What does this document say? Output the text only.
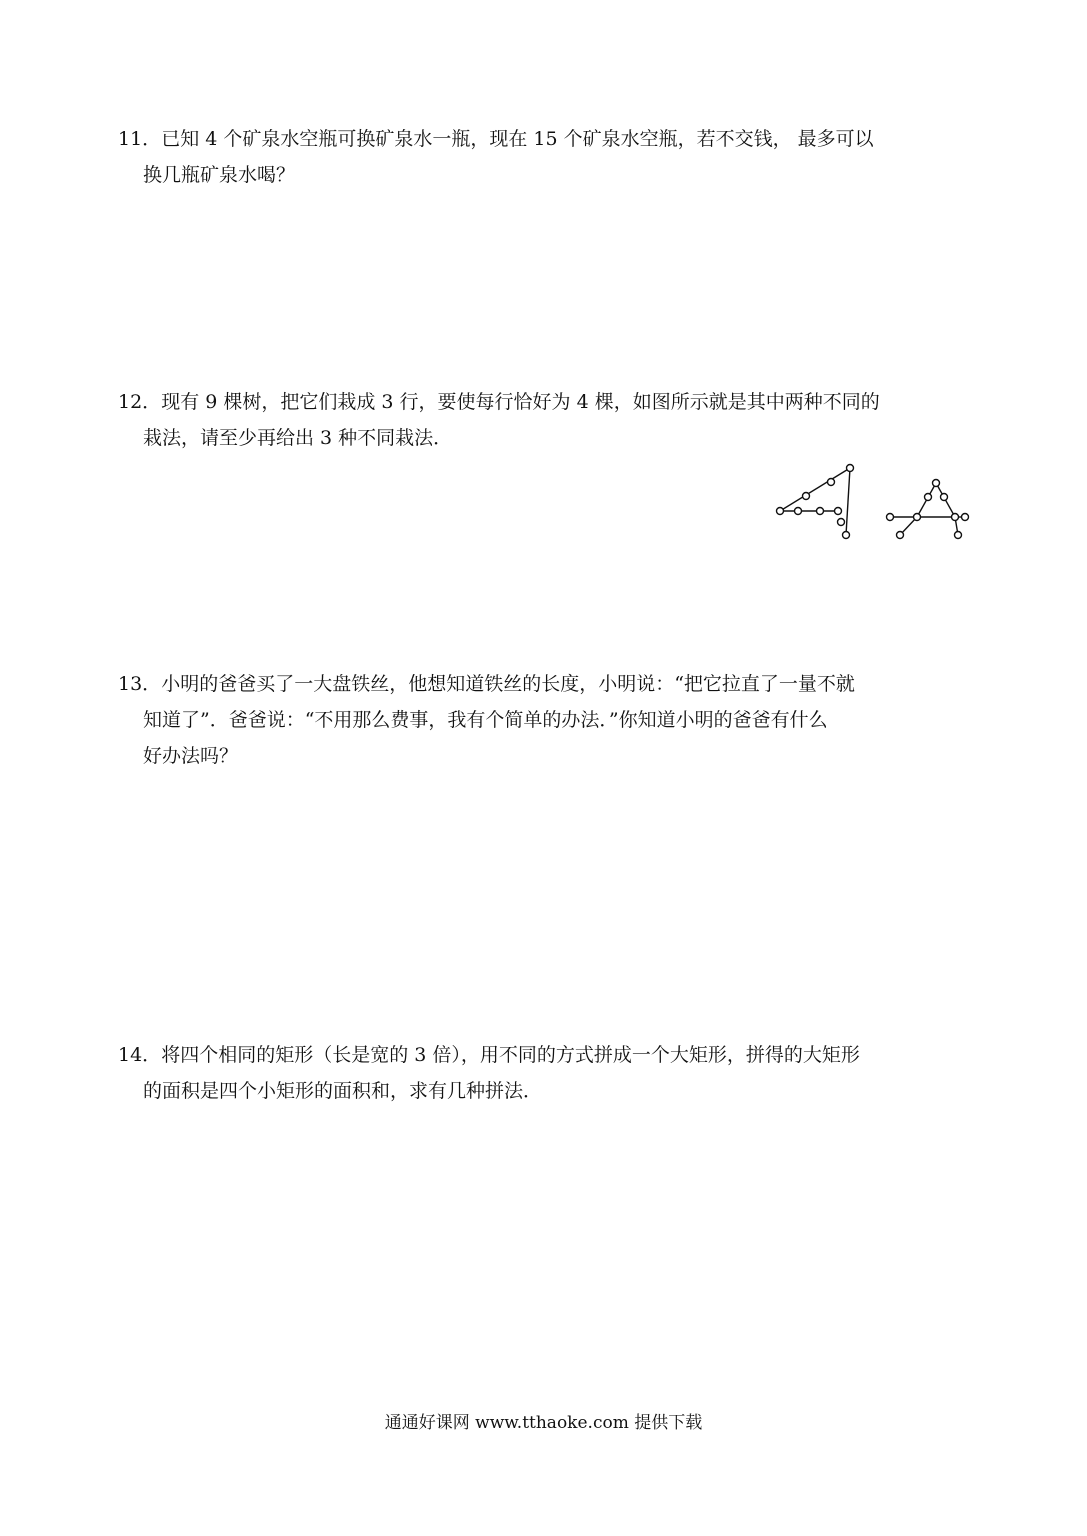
11．已知 4 个矿泉水空瓶可换矿泉水一瓶，现在 15 个矿泉水空瓶，若不交钱， 最多可以

换几瓶矿泉水喝？

12．现有 9 棵树，把它们栽成 3 行，要使每行恰好为 4 棵，如图所示就是其中两种不同的

栽法，请至少再给出 3 种不同栽法．

13．小明的爸爸买了一大盘铁丝，他想知道铁丝的长度，小明说：“把它拉直了一量不就

知道了”．爸爸说：“不用那么费事，我有个简单的办法．”你知道小明的爸爸有什么

好办法吗？

14．将四个相同的矩形（长是宽的 3 倍），用不同的方式拼成一个大矩形，拼得的大矩形

的面积是四个小矩形的面积和，求有几种拼法．

通通好课网 www.tthaoke.com 提供下载
